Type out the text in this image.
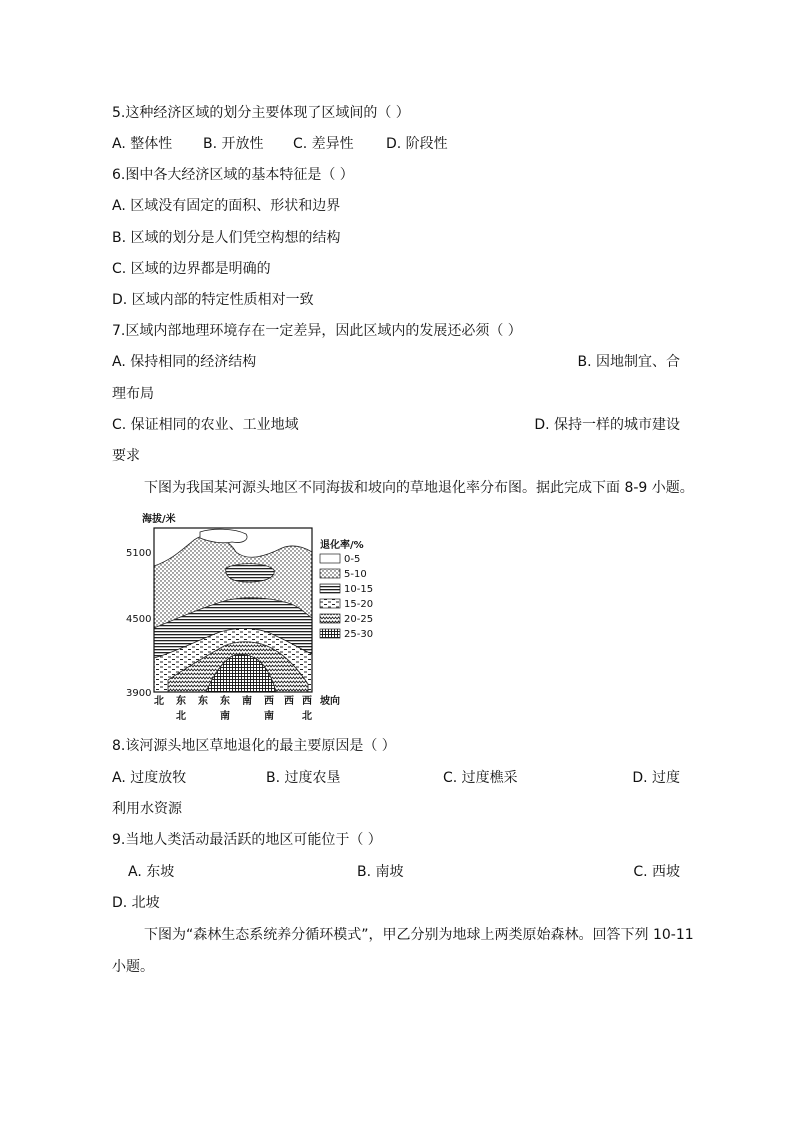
5.这种经济区域的划分主要体现了区域间的（ ）
A. 整体性 B. 开放性 C. 差异性 D. 阶段性
6.图中各大经济区域的基本特征是（ ）
A. 区域没有固定的面积、形状和边界
B. 区域的划分是人们凭空构想的结构
C. 区域的边界都是明确的
D. 区域内部的特定性质相对一致
7.区域内部地理环境存在一定差异，因此区域内的发展还必须（ ）
A. 保持相同的经济结构	B. 因地制宜、合
理布局
C. 保证相同的农业、工业地域	D. 保持一样的城市建设
要求
下图为我国某河源头地区不同海拔和坡向的草地退化率分布图。据此完成下面 8-9 小题。
海拔/米
5100
4500
3900
退化率/%
0-5
5-10
10-15
15-20
20-25
25-30
北 东 东 东 南 西 西 西
北	南	南	北
坡向
8.该河源头地区草地退化的最主要原因是（ ）
A. 过度放牧	B. 过度农垦	C. 过度樵采	D. 过度
利用水资源
9.当地人类活动最活跃的地区可能位于（ ）
A. 东坡	B. 南坡	C. 西坡
D. 北坡
下图为“森林生态系统养分循环模式”，甲乙分别为地球上两类原始森林。回答下列 10-11
小题。
